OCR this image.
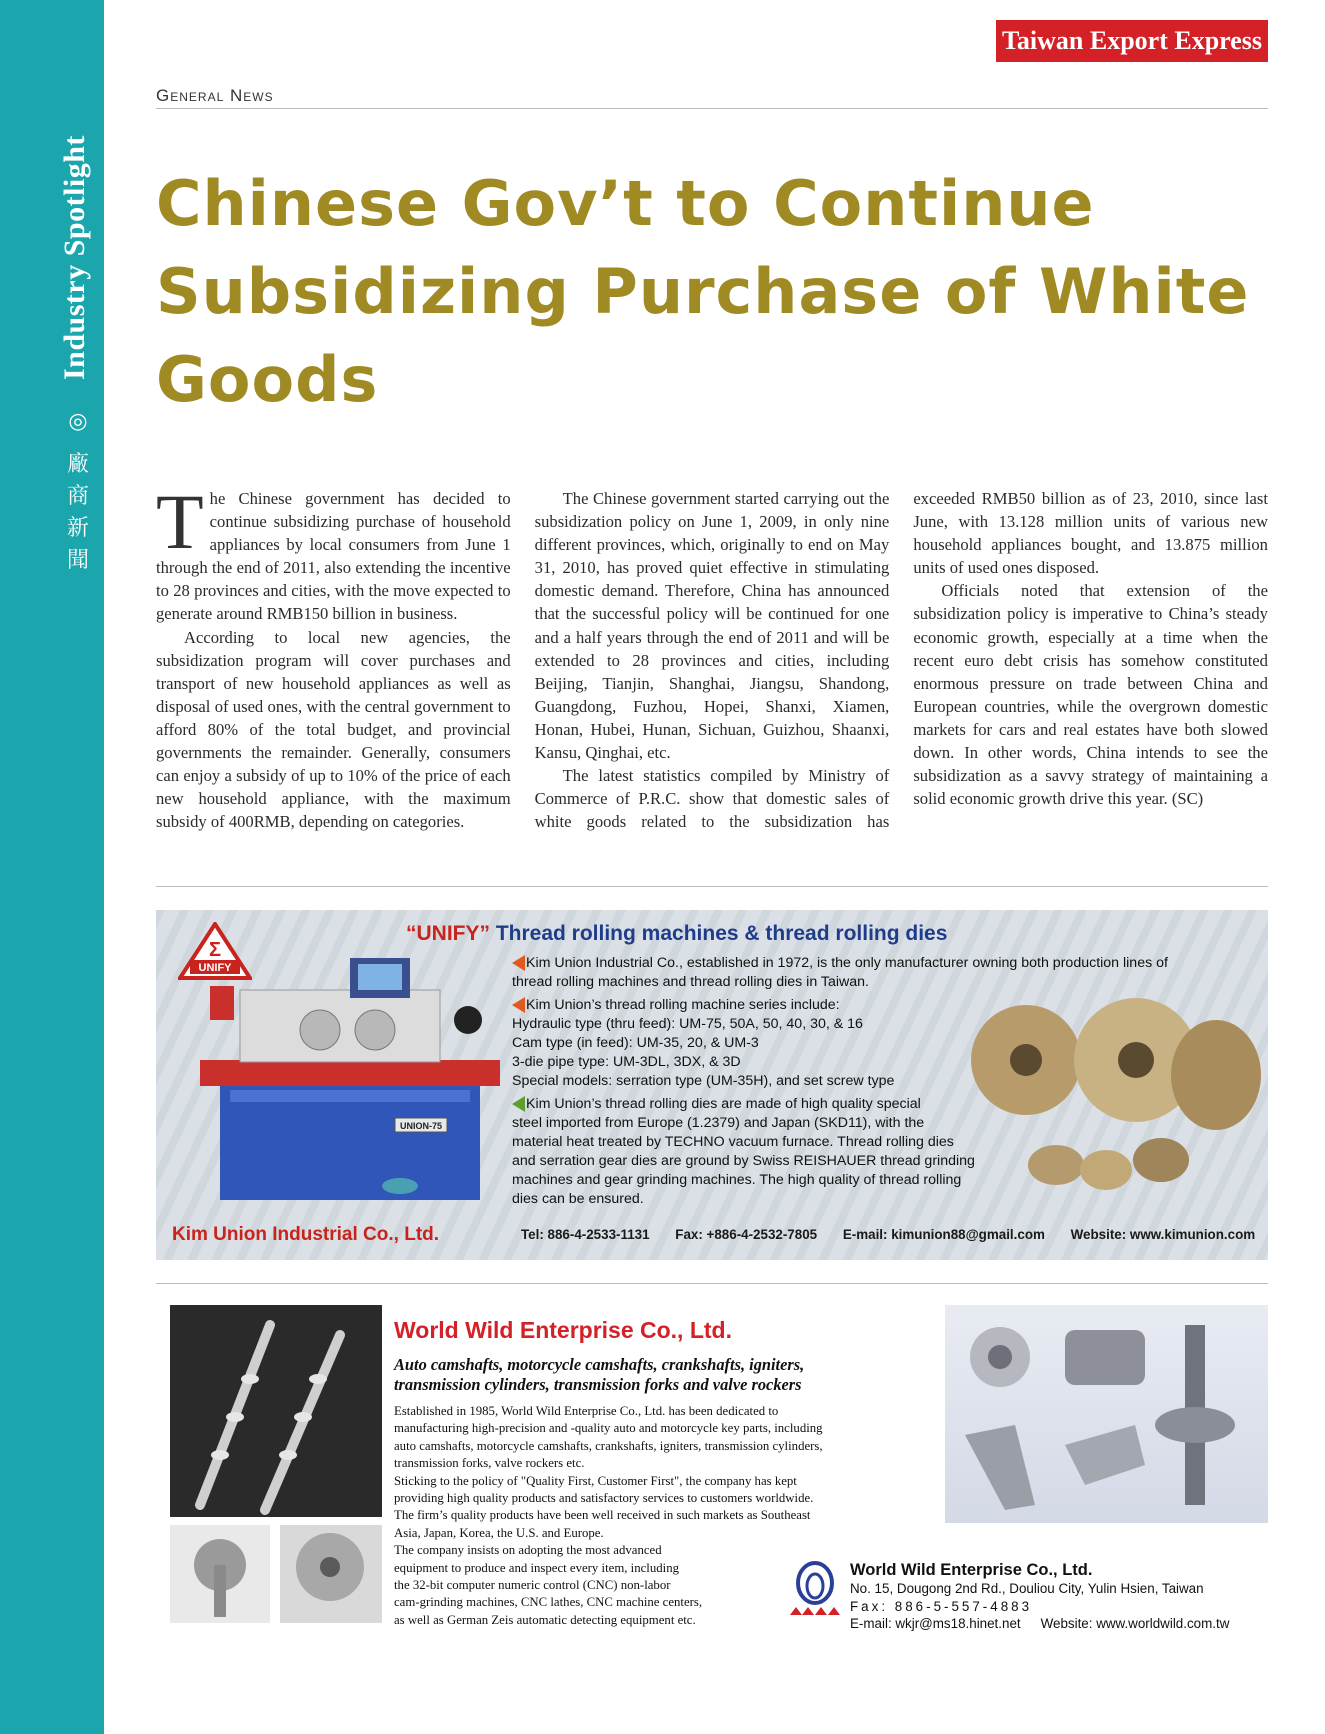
Industry Spotlight
◎
廠
商
新
聞
Taiwan Export Express
General News
Chinese Gov’t to Continue
Subsidizing Purchase of White
Goods

The Chinese government has decided to continue subsidizing purchase of household appliances by local consumers from June 1 through the end of 2011, also extending the incentive to 28 provinces and cities, with the move expected to generate around RMB150 billion in business.

According to local new agencies, the subsidization program will cover purchases and transport of new household appliances as well as disposal of used ones, with the central government to afford 80% of the total budget, and provincial governments the remainder. Generally, consumers can enjoy a subsidy of up to 10% of the price of each new household appliance, with the maximum subsidy of 400RMB, depending on categories.

The Chinese government started carrying out the subsidization policy on June 1, 2009, in only nine different provinces, which, originally to end on May 31, 2010, has proved quiet effective in stimulating domestic demand. Therefore, China has announced that the successful policy will be continued for one and a half years through the end of 2011 and will be extended to 28 provinces and cities, including Beijing, Tianjin, Shanghai, Jiangsu, Shandong, Guangdong, Fuzhou, Hopei, Shanxi, Xiamen, Honan, Hubei, Hunan, Sichuan, Guizhou, Shaanxi, Kansu, Qinghai, etc.

The latest statistics compiled by Ministry of Commerce of P.R.C. show that domestic sales of white goods related to the subsidization has exceeded RMB50 billion as of 23, 2010, since last June, with 13.128 million units of various new household appliances bought, and 13.875 million units of used ones disposed.

Officials noted that extension of the subsidization policy is imperative to China’s steady economic growth, especially at a time when the recent euro debt crisis has somehow constituted enormous pressure on trade between China and European countries, while the overgrown domestic markets for cars and real estates have both slowed down. In other words, China intends to see the subsidization as a savvy strategy of maintaining a solid economic growth drive this year. (SC)

UNIFY
Σ
UNION-75
“UNIFY” Thread rolling machines & thread rolling dies
Kim Union Industrial Co., established in 1972, is the only manufacturer owning both production lines of
thread rolling machines and thread rolling dies in Taiwan.
Kim Union’s thread rolling machine series include:
Hydraulic type (thru feed): UM-75, 50A, 50, 40, 30, & 16
Cam type (in feed): UM-35, 20, & UM-3
3-die pipe type: UM-3DL, 3DX, & 3D
Special models: serration type (UM-35H), and set screw type
Kim Union’s thread rolling dies are made of high quality special
steel imported from Europe (1.2379) and Japan (SKD11), with the
material heat treated by TECHNO vacuum furnace. Thread rolling dies
and serration gear dies are ground by Swiss REISHAUER thread grinding
machines and gear grinding machines. The high quality of thread rolling
dies can be ensured.
Kim Union Industrial Co., Ltd.	Tel: 886-4-2533-1131 Fax: +886-4-2532-7805 E-mail: kimunion88@gmail.com Website: www.kimunion.com
World Wild Enterprise Co., Ltd.
Auto camshafts, motorcycle camshafts, crankshafts, igniters,
transmission cylinders, transmission forks and valve rockers
Established in 1985, World Wild Enterprise Co., Ltd. has been dedicated to
manufacturing high-precision and -quality auto and motorcycle key parts, including
auto camshafts, motorcycle camshafts, crankshafts, igniters, transmission cylinders,
transmission forks, valve rockers etc.
Sticking to the policy of "Quality First, Customer First", the company has kept
providing high quality products and satisfactory services to customers worldwide.
The firm’s quality products have been well received in such markets as Southeast
Asia, Japan, Korea, the U.S. and Europe.
The company insists on adopting the most advanced
equipment to produce and inspect every item, including
the 32-bit computer numeric control (CNC) non-labor
cam-grinding machines, CNC lathes, CNC machine centers,
as well as German Zeis automatic detecting equipment etc.
World Wild Enterprise Co., Ltd.
No. 15, Dougong 2nd Rd., Douliou City, Yulin Hsien, Taiwan
Fax: 886-5-557-4883
E-mail: wkjr@ms18.hinet.net Website: www.worldwild.com.tw
